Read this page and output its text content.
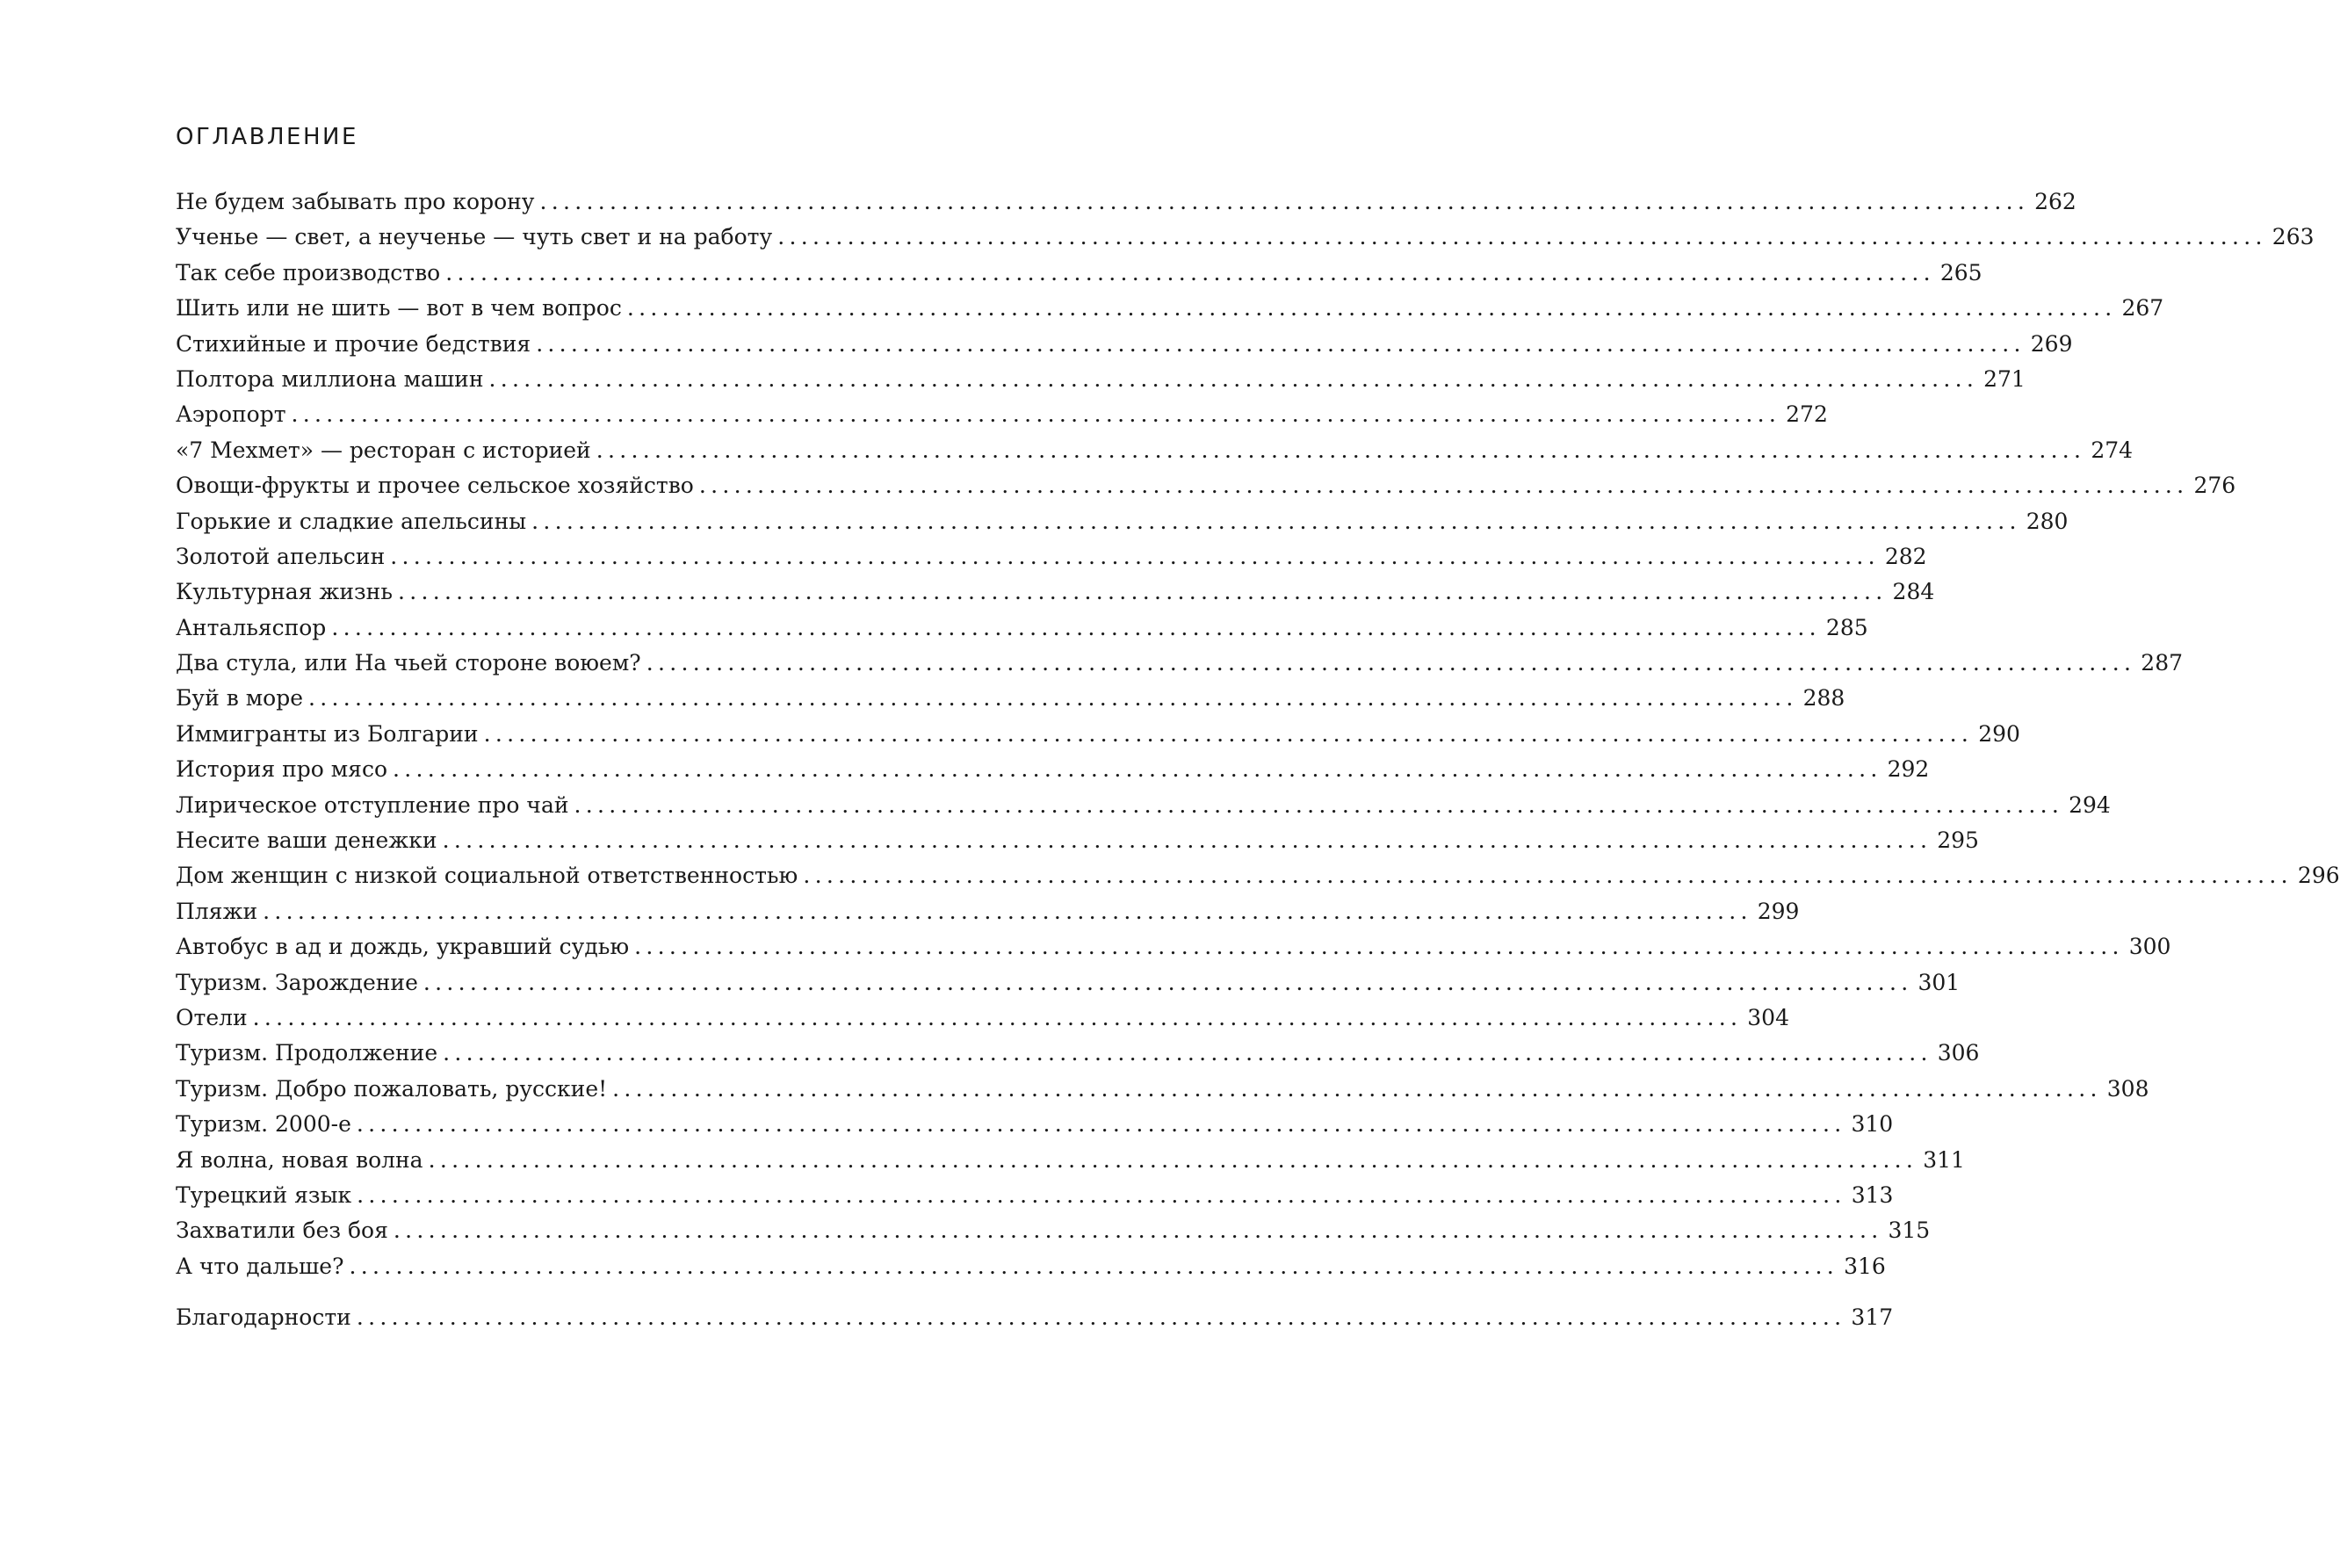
ОГЛАВЛЕНИЕ
Не будем забывать про корону ................................................................................................................................ 262
Ученье — свет, а неученье — чуть свет и на работу ................................................................................................................................ 263
Так себе производство ................................................................................................................................ 265
Шить или не шить — вот в чем вопрос ................................................................................................................................ 267
Стихийные и прочие бедствия ................................................................................................................................ 269
Полтора миллиона машин ................................................................................................................................ 271
Аэропорт ................................................................................................................................ 272
«7 Мехмет» — ресторан с историей ................................................................................................................................ 274
Овощи-фрукты и прочее сельское хозяйство ................................................................................................................................ 276
Горькие и сладкие апельсины ................................................................................................................................ 280
Золотой апельсин ................................................................................................................................ 282
Культурная жизнь ................................................................................................................................ 284
Антальяспор ................................................................................................................................ 285
Два стула, или На чьей стороне воюем? ................................................................................................................................ 287
Буй в море ................................................................................................................................ 288
Иммигранты из Болгарии ................................................................................................................................ 290
История про мясо ................................................................................................................................ 292
Лирическое отступление про чай ................................................................................................................................ 294
Несите ваши денежки ................................................................................................................................ 295
Дом женщин с низкой социальной ответственностью ................................................................................................................................ 296
Пляжи ................................................................................................................................ 299
Автобус в ад и дождь, укравший судью ................................................................................................................................ 300
Туризм. Зарождение ................................................................................................................................ 301
Отели ................................................................................................................................ 304
Туризм. Продолжение ................................................................................................................................ 306
Туризм. Добро пожаловать, русские! ................................................................................................................................ 308
Туризм. 2000-е ................................................................................................................................ 310
Я волна, новая волна ................................................................................................................................ 311
Турецкий язык ................................................................................................................................ 313
Захватили без боя ................................................................................................................................ 315
А что дальше? ................................................................................................................................ 316
Благодарности ................................................................................................................................ 317
